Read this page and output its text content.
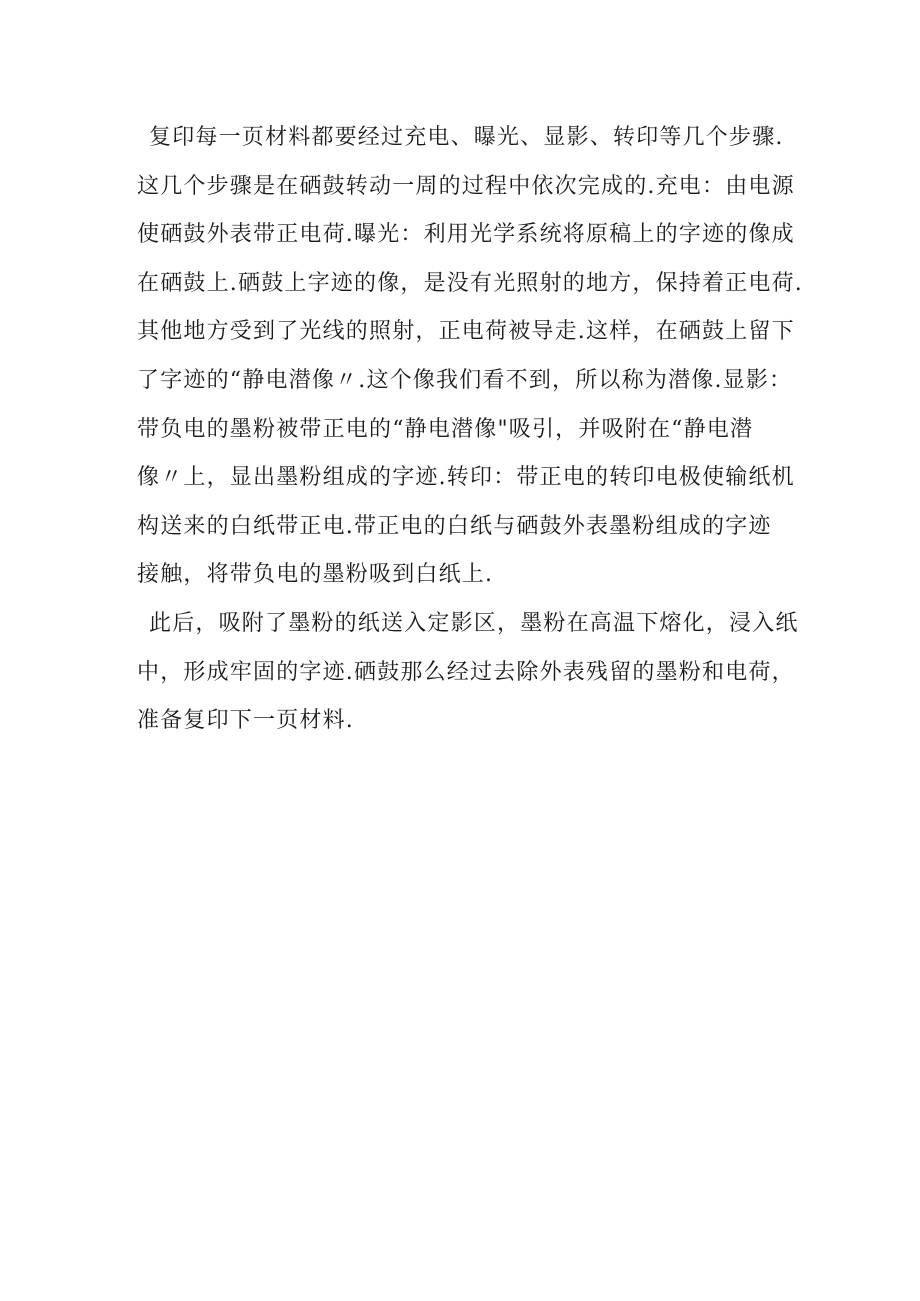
复印每一页材料都要经过充电、曝光、显影、转印等几个步骤.
这几个步骤是在硒鼓转动一周的过程中依次完成的.充电：由电源
使硒鼓外表带正电荷.曝光：利用光学系统将原稿上的字迹的像成
在硒鼓上.硒鼓上字迹的像，是没有光照射的地方，保持着正电荷.
其他地方受到了光线的照射，正电荷被导走.这样，在硒鼓上留下
了字迹的“静电潜像〃.这个像我们看不到，所以称为潜像.显影：
带负电的墨粉被带正电的“静电潜像"吸引，并吸附在“静电潜
像〃上，显出墨粉组成的字迹.转印：带正电的转印电极使输纸机
构送来的白纸带正电.带正电的白纸与硒鼓外表墨粉组成的字迹
接触，将带负电的墨粉吸到白纸上.
此后，吸附了墨粉的纸送入定影区，墨粉在高温下熔化，浸入纸
中，形成牢固的字迹.硒鼓那么经过去除外表残留的墨粉和电荷，
准备复印下一页材料.
